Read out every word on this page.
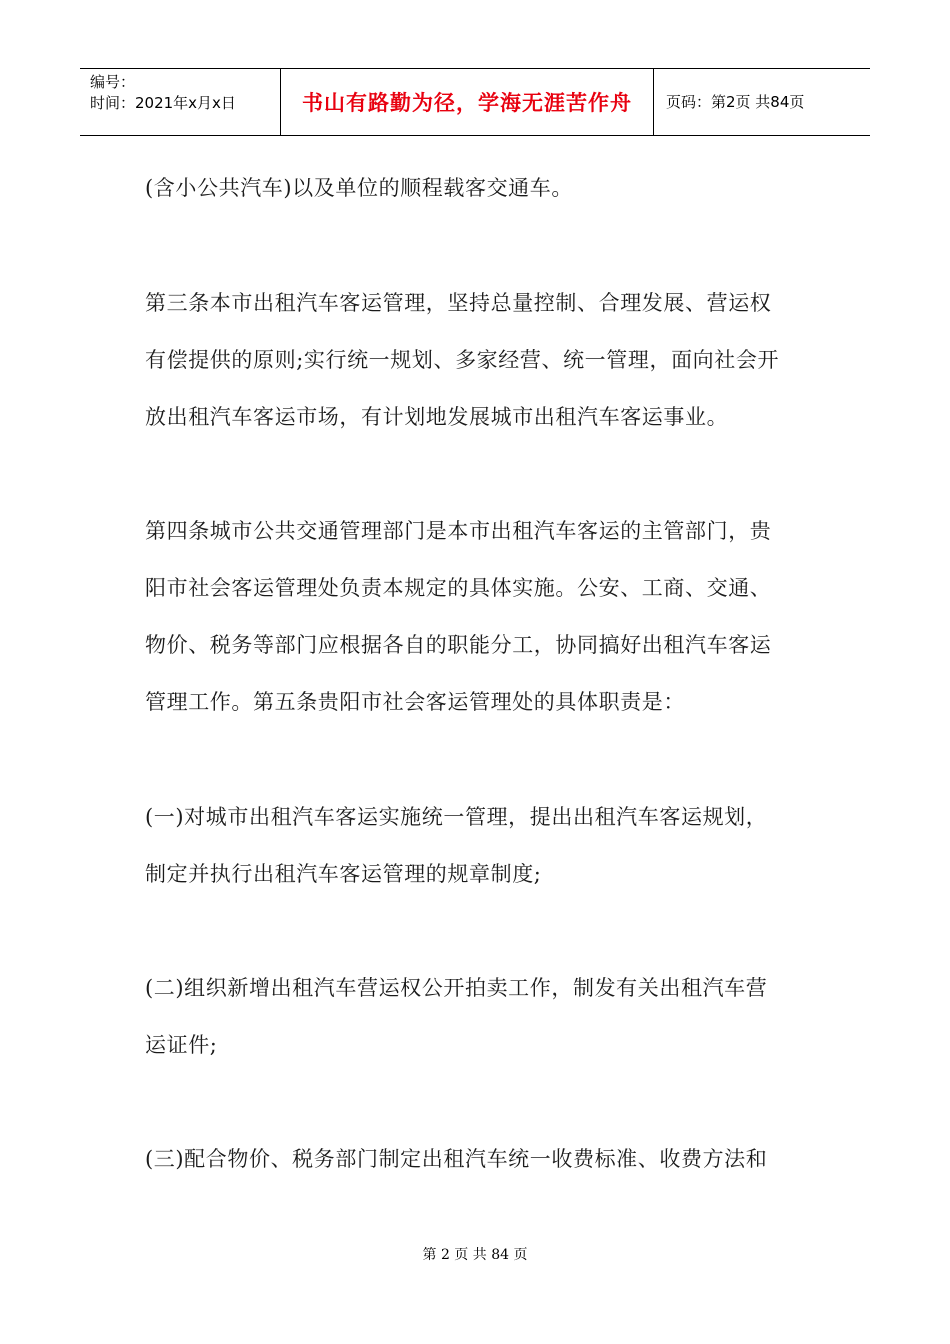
编号：
时间：2021年x月x日	书山有路勤为径，学海无涯苦作舟	页码：第2页 共84页
(含小公共汽车)以及单位的顺程载客交通车。
第三条本市出租汽车客运管理，坚持总量控制、合理发展、营运权
有偿提供的原则;实行统一规划、多家经营、统一管理，面向社会开
放出租汽车客运市场，有计划地发展城市出租汽车客运事业。
第四条城市公共交通管理部门是本市出租汽车客运的主管部门，贵
阳市社会客运管理处负责本规定的具体实施。公安、工商、交通、
物价、税务等部门应根据各自的职能分工，协同搞好出租汽车客运
管理工作。第五条贵阳市社会客运管理处的具体职责是：
(一)对城市出租汽车客运实施统一管理，提出出租汽车客运规划，
制定并执行出租汽车客运管理的规章制度;
(二)组织新增出租汽车营运权公开拍卖工作，制发有关出租汽车营
运证件;
(三)配合物价、税务部门制定出租汽车统一收费标准、收费方法和
第 2 页 共 84 页
